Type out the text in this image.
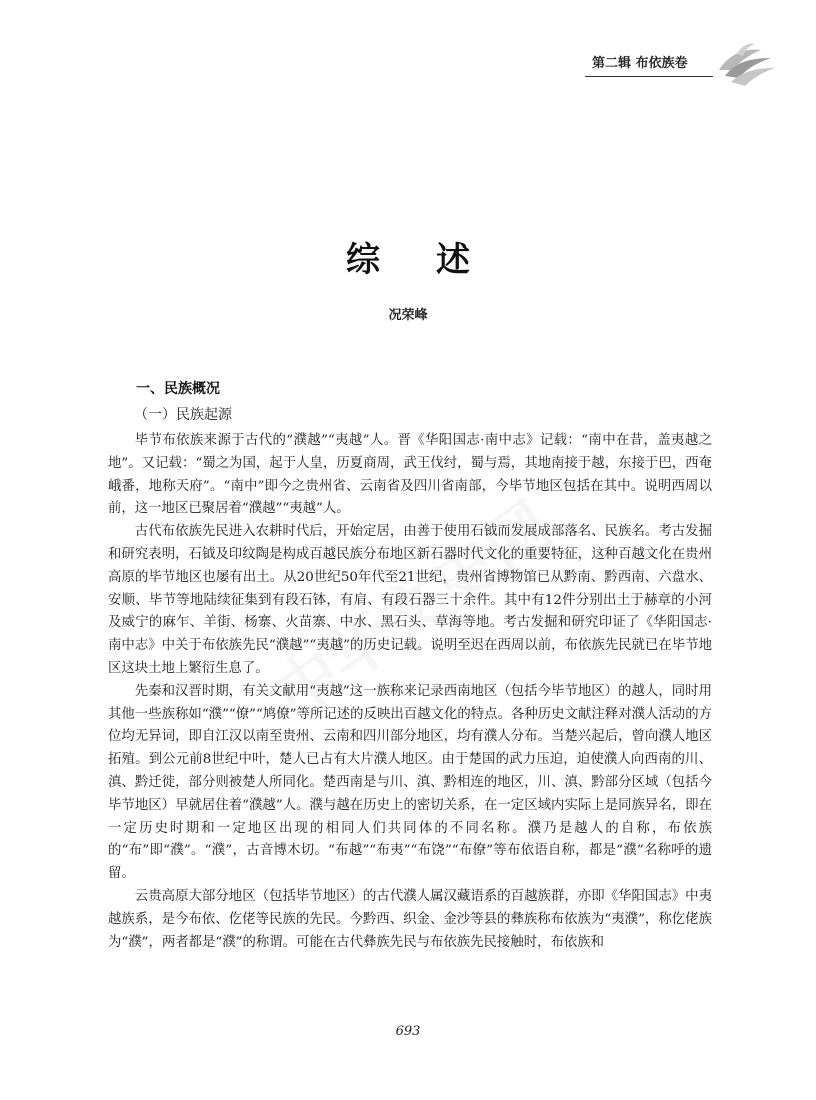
第二辑 布依族卷
综述
况荣峰
一、民族概况
（一）民族起源

毕节布依族来源于古代的“濮越”“夷越”人。晋《华阳国志·南中志》记载：“南中在昔，盖夷越之地”。又记载：“蜀之为国，起于人皇，历夏商周，武王伐纣，蜀与焉，其地南接于越，东接于巴，西奄峨番，地称天府”。“南中”即今之贵州省、云南省及四川省南部，今毕节地区包括在其中。说明西周以前，这一地区已聚居着“濮越”“夷越”人。

古代布依族先民进入农耕时代后，开始定居，由善于使用石钺而发展成部落名、民族名。考古发掘和研究表明，石钺及印纹陶是构成百越民族分布地区新石器时代文化的重要特征，这种百越文化在贵州高原的毕节地区也屡有出土。从20世纪50年代至21世纪，贵州省博物馆已从黔南、黔西南、六盘水、安顺、毕节等地陆续征集到有段石钵，有肩、有段石器三十余件。其中有12件分别出土于赫章的小河及威宁的麻乍、羊街、杨寨、火苗寨、中水、黑石头、草海等地。考古发掘和研究印证了《华阳国志·南中志》中关于布依族先民“濮越”“夷越”的历史记载。说明至迟在西周以前，布依族先民就已在毕节地区这块土地上繁衍生息了。

先秦和汉晋时期，有关文献用“夷越”这一族称来记录西南地区（包括今毕节地区）的越人，同时用其他一些族称如“濮”“僚”“鸠僚”等所记述的反映出百越文化的特点。各种历史文献注释对濮人活动的方位均无异词，即自江汉以南至贵州、云南和四川部分地区，均有濮人分布。当楚兴起后，曾向濮人地区拓殖。到公元前8世纪中叶，楚人已占有大片濮人地区。由于楚国的武力压迫，迫使濮人向西南的川、滇、黔迁徙，部分则被楚人所同化。楚西南是与川、滇、黔相连的地区，川、滇、黔部分区域（包括今毕节地区）早就居住着“濮越”人。濮与越在历史上的密切关系，在一定区域内实际上是同族异名，即在一定历史时期和一定地区出现的相同人们共同体的不同名称。濮乃是越人的自称，布依族的“布”即“濮”。“濮”，古音博木切。“布越”“布夷”“布饶”“布僚”等布依语自称，都是“濮”名称呼的遗留。

云贵高原大部分地区（包括毕节地区）的古代濮人属汉藏语系的百越族群，亦即《华阳国志》中夷越族系，是今布依、仡佬等民族的先民。今黔西、织金、金沙等县的彝族称布依族为“夷濮”，称仡佬族为“濮”，两者都是“濮”的称谓。可能在古代彝族先民与布依族先民接触时，布依族和

693
